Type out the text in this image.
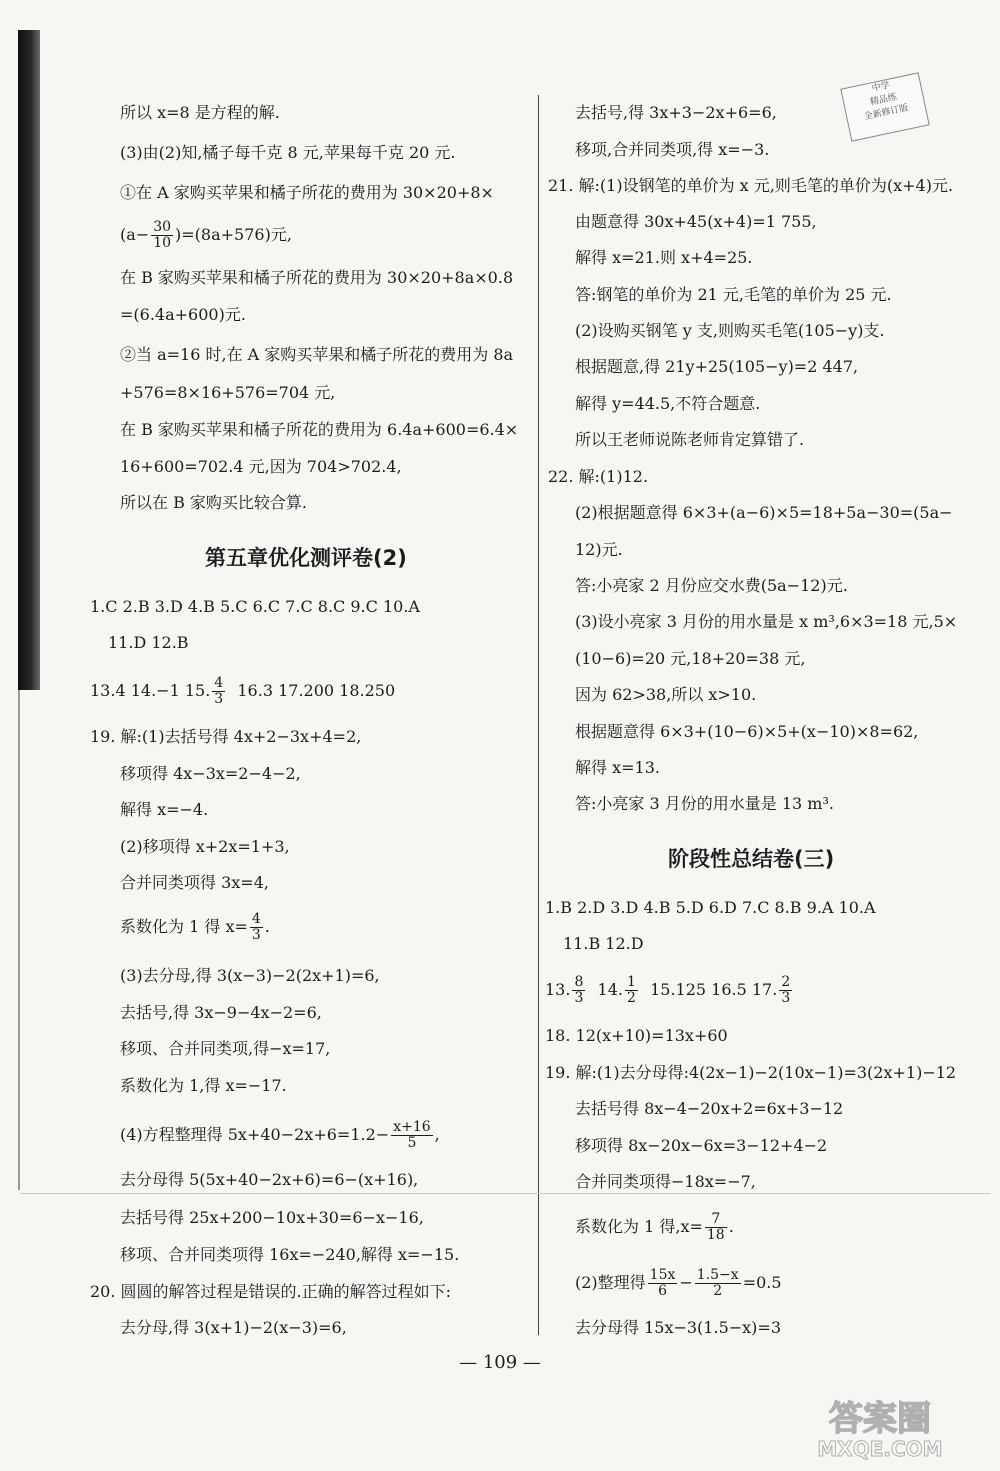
中学
精品练
全新修订版
所以 x=8 是方程的解.
(3)由(2)知,橘子每千克 8 元,苹果每千克 20 元.
①在 A 家购买苹果和橘子所花的费用为 30×20+8×
$(a- \frac{30}{10} )=(8a+576)$元,
在 B 家购买苹果和橘子所花的费用为 30×20+8a×0.8
=(6.4a+600)元.
②当 a=16 时,在 A 家购买苹果和橘子所花的费用为 8a
+576=8×16+576=704 元,
在 B 家购买苹果和橘子所花的费用为 6.4a+600=6.4×
16+600=702.4 元,因为 704>702.4,
所以在 B 家购买比较合算.
第五章优化测评卷(2)
1.C 2.B 3.D 4.B 5.C 6.C 7.C 8.C 9.C 10.A
11.D 12.B
13.4 14.−1 15. $\frac{4}{3} 16.3$ 17.200 18.250
19. 解:(1)去括号得 4x+2−3x+4=2,
移项得 4x−3x=2−4−2,
解得 x=−4.
(2)移项得 x+2x=1+3,
合并同类项得 3x=4,
系数化为 1 得 $x= \frac{4}{3}$ .
(3)去分母,得 3(x−3)−2(2x+1)=6,
去括号,得 3x−9−4x−2=6,
移项、合并同类项,得−x=17,
系数化为 1,得 x=−17.
(4)方程整理得 $5x+40-2x+6=1.2- \frac{x+16}{5}$ ,
去分母得 5(5x+40−2x+6)=6−(x+16),
去括号得 25x+200−10x+30=6−x−16,
移项、合并同类项得 16x=−240,解得 x=−15.
20. 圆圆的解答过程是错误的.正确的解答过程如下:
去分母,得 3(x+1)−2(x−3)=6,
去括号,得 3x+3−2x+6=6,
移项,合并同类项,得 x=−3.
21. 解:(1)设钢笔的单价为 x 元,则毛笔的单价为(x+4)元.
由题意得 30x+45(x+4)=1 755,
解得 x=21.则 x+4=25.
答:钢笔的单价为 21 元,毛笔的单价为 25 元.
(2)设购买钢笔 y 支,则购买毛笔(105−y)支.
根据题意,得 21y+25(105−y)=2 447,
解得 y=44.5,不符合题意.
所以王老师说陈老师肯定算错了.
22. 解:(1)12.
(2)根据题意得 6×3+(a−6)×5=18+5a−30=(5a−
12)元.
答:小亮家 2 月份应交水费(5a−12)元.
(3)设小亮家 3 月份的用水量是 x m³,6×3=18 元,5×
(10−6)=20 元,18+20=38 元,
因为 62>38,所以 x>10.
根据题意得 6×3+(10−6)×5+(x−10)×8=62,
解得 x=13.
答:小亮家 3 月份的用水量是 13 m³.
阶段性总结卷(三)
1.B 2.D 3.D 4.B 5.D 6.D 7.C 8.B 9.A 10.A
11.B 12.D
13. $\frac{8}{3} 14$. $\frac{1}{2} 15.125$ 16.5 17. $\frac{2}{3}$
18. 12(x+10)=13x+60
19. 解:(1)去分母得:4(2x−1)−2(10x−1)=3(2x+1)−12
去括号得 8x−4−20x+2=6x+3−12
移项得 8x−20x−6x=3−12+4−2
合并同类项得−18x=−7,
系数化为 1 得$,x= \frac{7}{18}$ .
(2)整理得 $\frac{15x}{6} - \frac{1.5-x}{2} =0.5$
去分母得 15x−3(1.5−x)=3
— 109 —
答案圈
MXQE.COM
